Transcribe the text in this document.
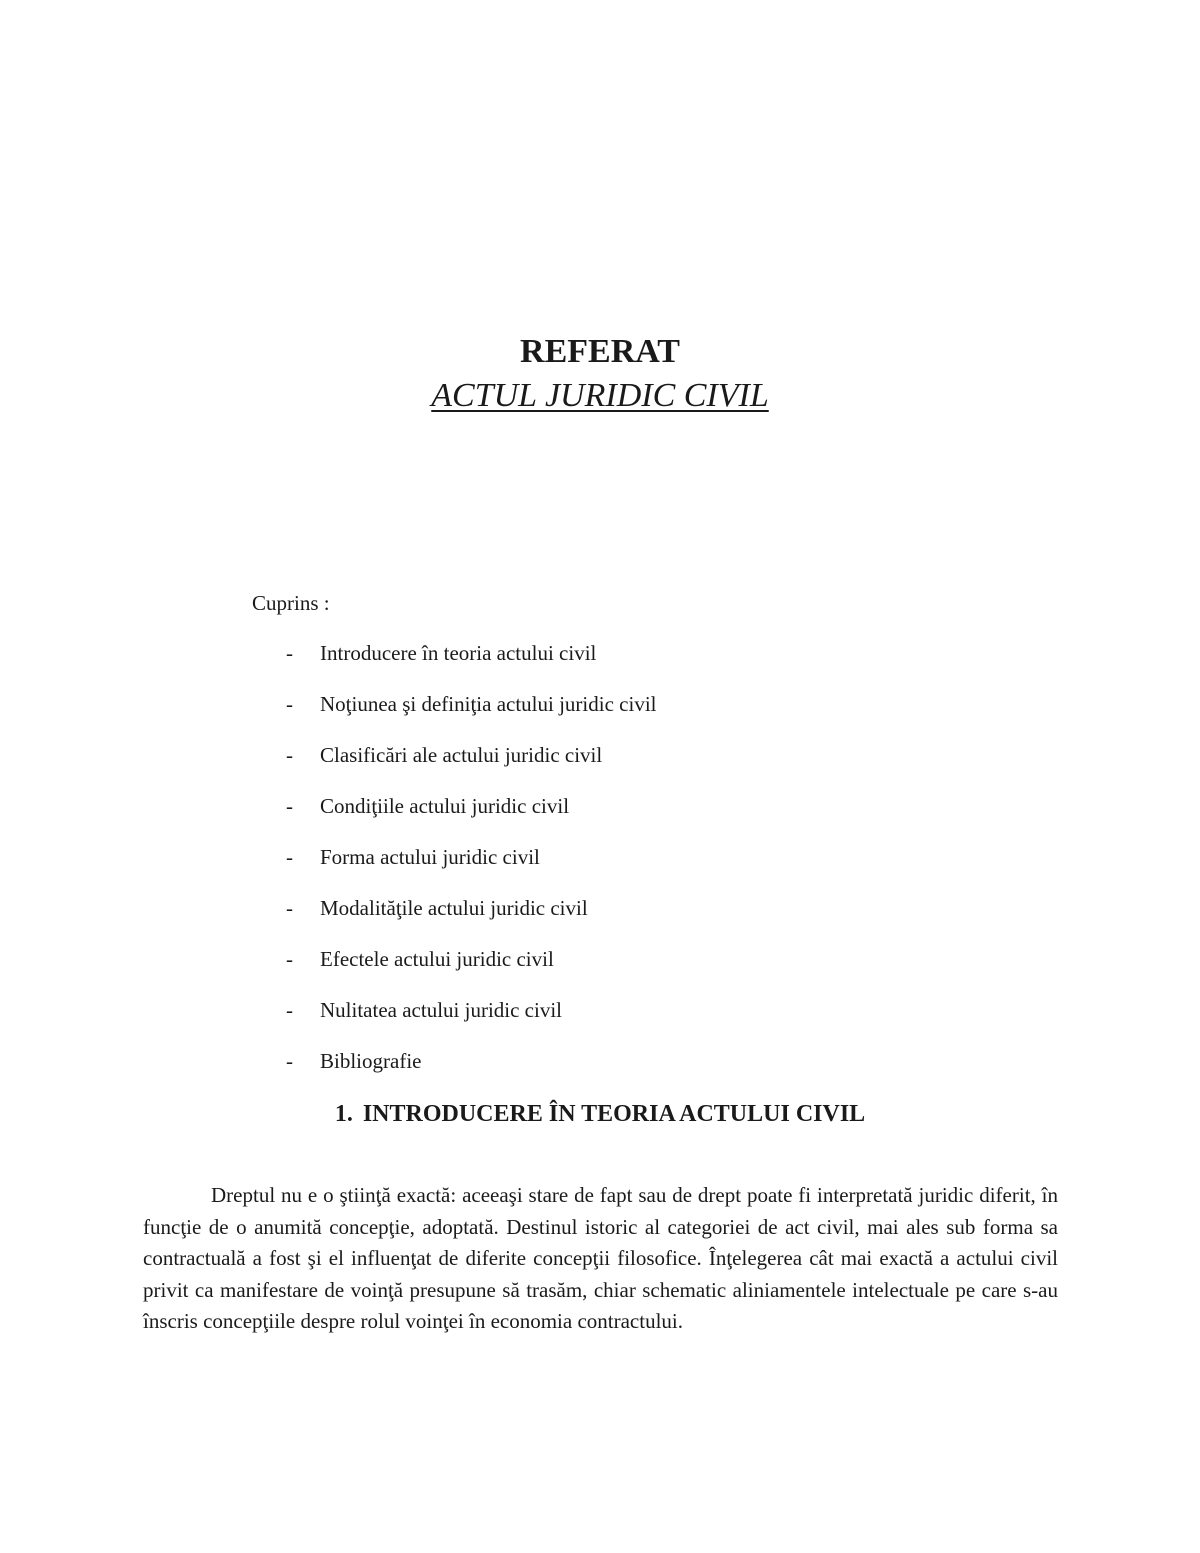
REFERAT

ACTUL JURIDIC CIVIL

Cuprins :

-	Introducere în teoria actului civil
-	Noţiunea şi definiţia actului juridic civil
-	Clasificări ale actului juridic civil
-	Condiţiile actului juridic civil
-	Forma actului juridic civil
-	Modalităţile actului juridic civil
-	Efectele actului juridic civil
-	Nulitatea actului juridic civil
-	Bibliografie
1. INTRODUCERE ÎN TEORIA ACTULUI CIVIL

Dreptul nu e o ştiinţă exactă: aceeaşi stare de fapt sau de drept poate fi interpretată juridic diferit, în funcţie de o anumită concepţie, adoptată. Destinul istoric al categoriei de act civil, mai ales sub forma sa contractuală a fost şi el influenţat de diferite concepţii filosofice. Înţelegerea cât mai exactă a actului civil privit ca manifestare de voinţă presupune să trasăm, chiar schematic aliniamentele intelectuale pe care s-au înscris concepţiile despre rolul voinţei în economia contractului.
